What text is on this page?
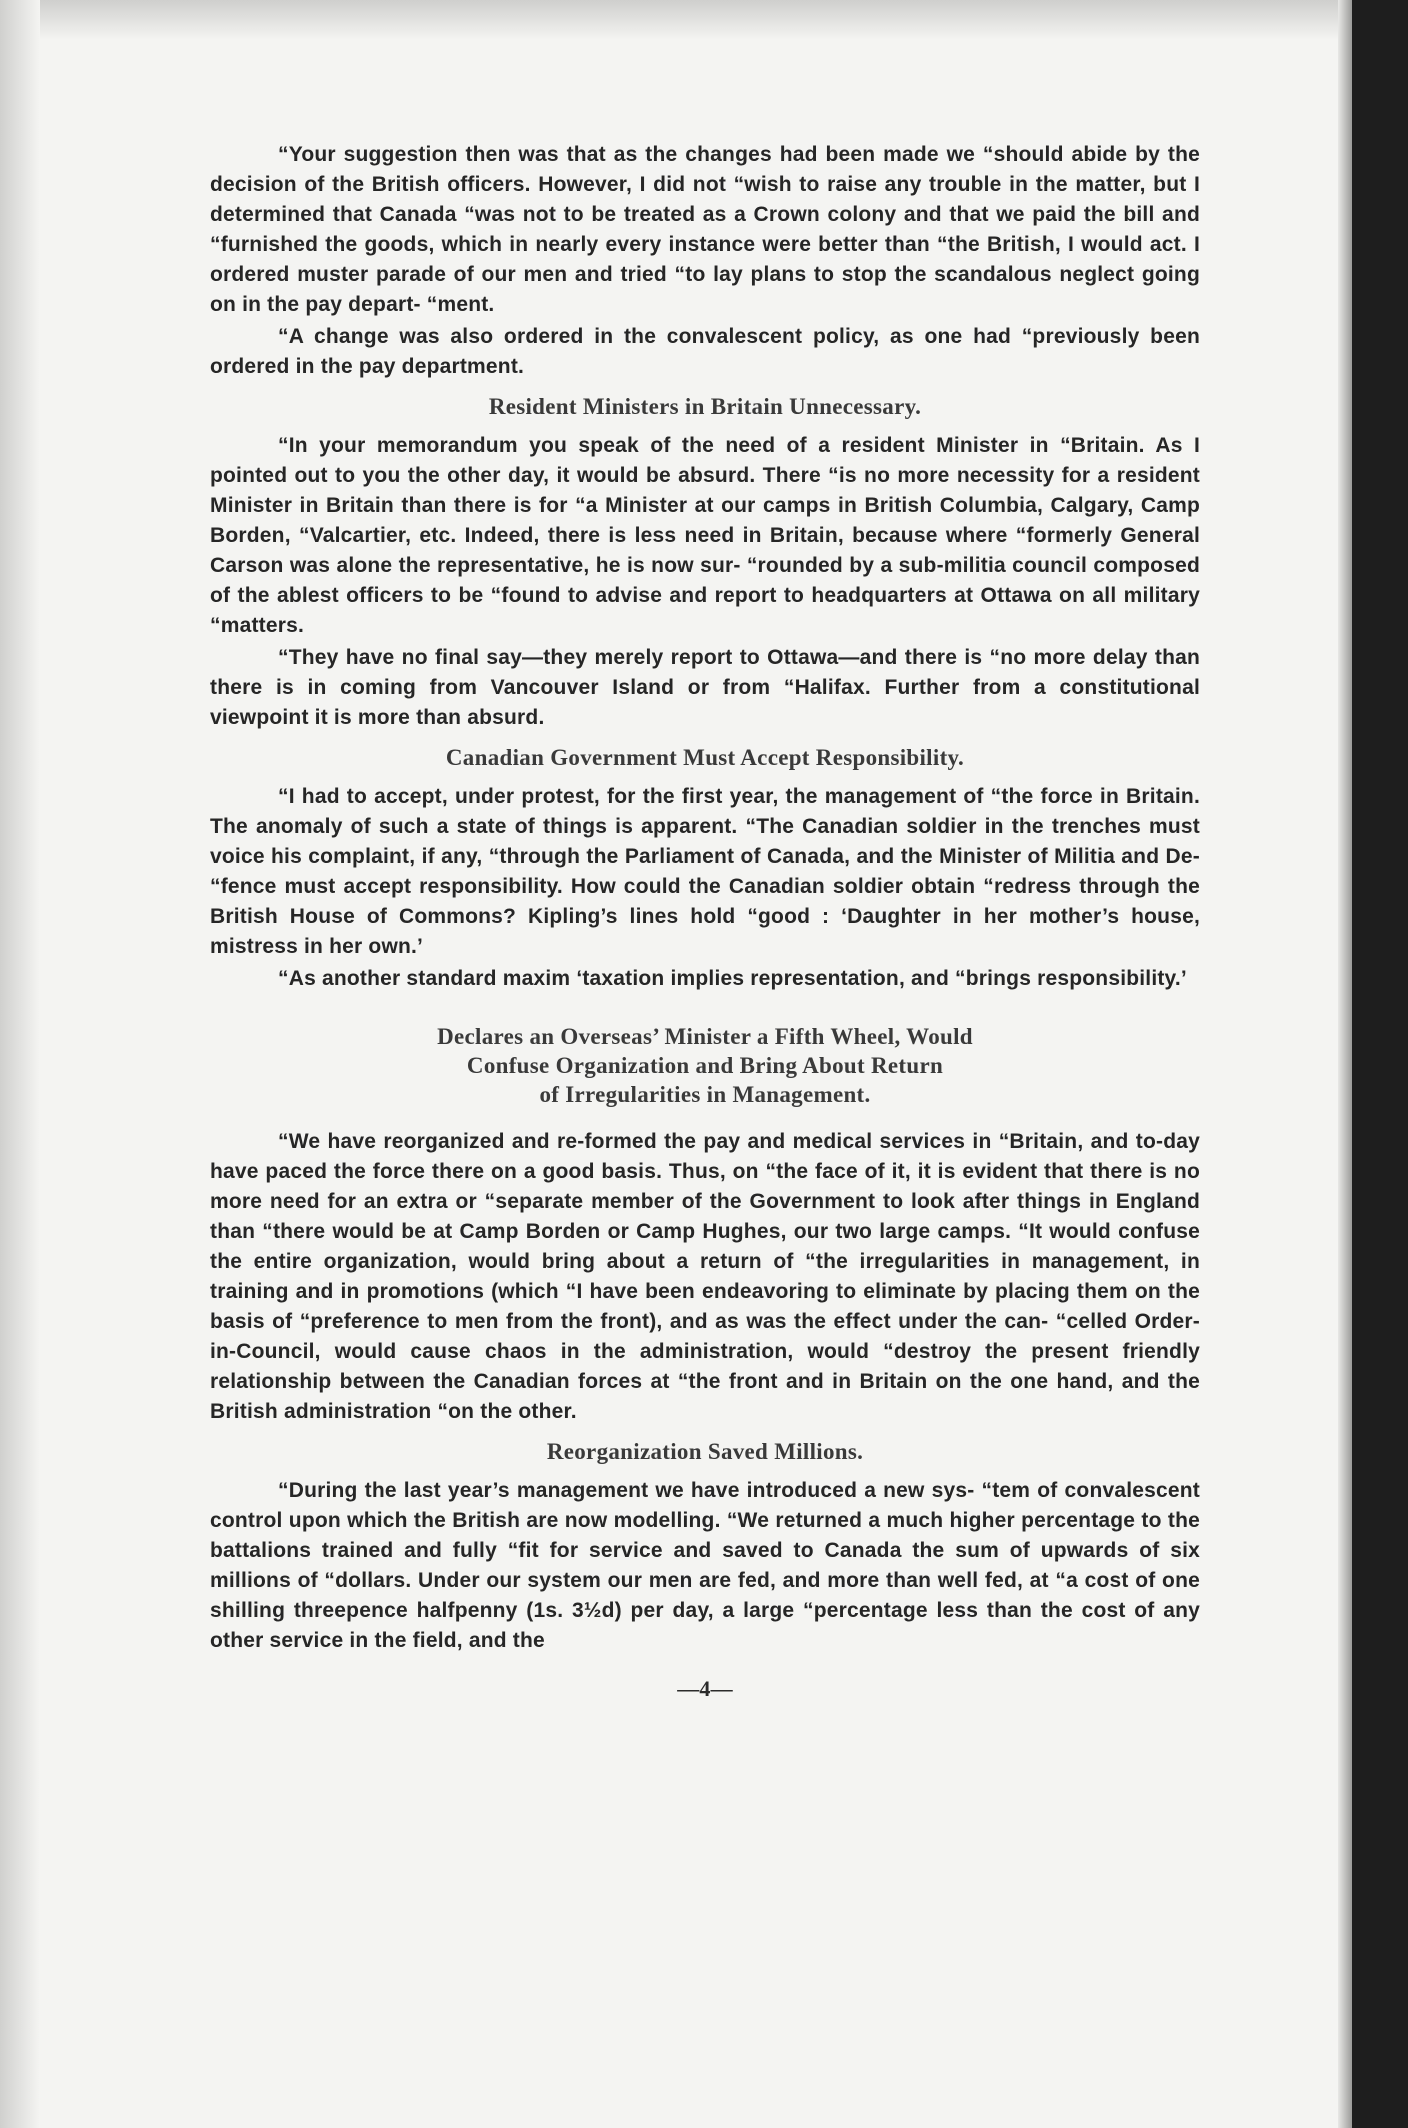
“Your suggestion then was that as the changes had been made we “should abide by the decision of the British officers. However, I did not “wish to raise any trouble in the matter, but I determined that Canada “was not to be treated as a Crown colony and that we paid the bill and “furnished the goods, which in nearly every instance were better than “the British, I would act. I ordered muster parade of our men and tried “to lay plans to stop the scandalous neglect going on in the pay depart- “ment.

“A change was also ordered in the convalescent policy, as one had “previously been ordered in the pay department.

Resident Ministers in Britain Unnecessary.

“In your memorandum you speak of the need of a resident Minister in “Britain. As I pointed out to you the other day, it would be absurd. There “is no more necessity for a resident Minister in Britain than there is for “a Minister at our camps in British Columbia, Calgary, Camp Borden, “Valcartier, etc. Indeed, there is less need in Britain, because where “formerly General Carson was alone the representative, he is now sur- “rounded by a sub-militia council composed of the ablest officers to be “found to advise and report to headquarters at Ottawa on all military “matters.

“They have no final say—they merely report to Ottawa—and there is “no more delay than there is in coming from Vancouver Island or from “Halifax. Further from a constitutional viewpoint it is more than absurd.

Canadian Government Must Accept Responsibility.

“I had to accept, under protest, for the first year, the management of “the force in Britain. The anomaly of such a state of things is apparent. “The Canadian soldier in the trenches must voice his complaint, if any, “through the Parliament of Canada, and the Minister of Militia and De- “fence must accept responsibility. How could the Canadian soldier obtain “redress through the British House of Commons? Kipling’s lines hold “good : ‘Daughter in her mother’s house, mistress in her own.’

“As another standard maxim ‘taxation implies representation, and “brings responsibility.’

Declares an Overseas’ Minister a Fifth Wheel, Would
Confuse Organization and Bring About Return
of Irregularities in Management.

“We have reorganized and re-formed the pay and medical services in “Britain, and to-day have paced the force there on a good basis. Thus, on “the face of it, it is evident that there is no more need for an extra or “separate member of the Government to look after things in England than “there would be at Camp Borden or Camp Hughes, our two large camps. “It would confuse the entire organization, would bring about a return of “the irregularities in management, in training and in promotions (which “I have been endeavoring to eliminate by placing them on the basis of “preference to men from the front), and as was the effect under the can- “celled Order-in-Council, would cause chaos in the administration, would “destroy the present friendly relationship between the Canadian forces at “the front and in Britain on the one hand, and the British administration “on the other.

Reorganization Saved Millions.

“During the last year’s management we have introduced a new sys- “tem of convalescent control upon which the British are now modelling. “We returned a much higher percentage to the battalions trained and fully “fit for service and saved to Canada the sum of upwards of six millions of “dollars. Under our system our men are fed, and more than well fed, at “a cost of one shilling threepence halfpenny (1s. 3½d) per day, a large “percentage less than the cost of any other service in the field, and the

—4—
